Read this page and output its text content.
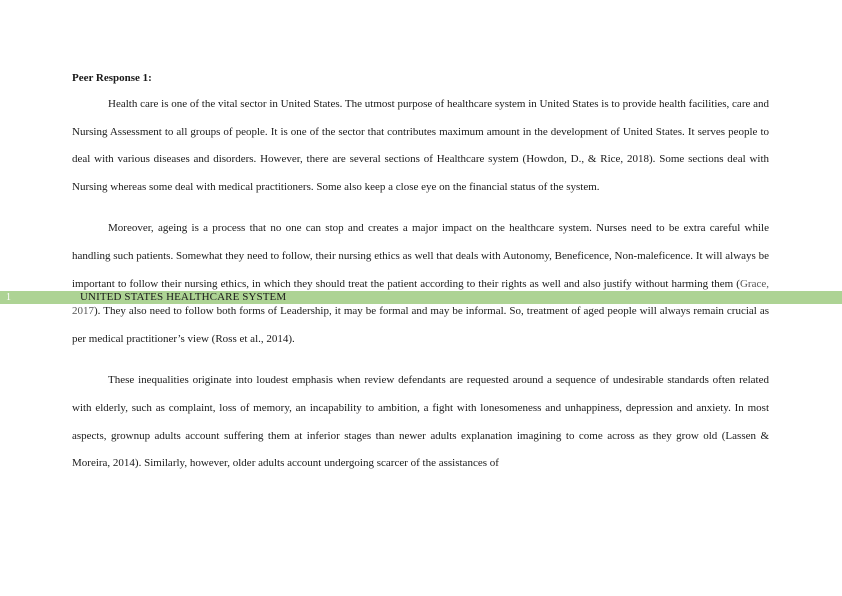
Peer Response 1:

Health care is one of the vital sector in United States. The utmost purpose of healthcare system in United States is to provide health facilities, care and Nursing Assessment to all groups of people. It is one of the sector that contributes maximum amount in the development of United States. It serves people to deal with various diseases and disorders. However, there are several sections of Healthcare system (Howdon, D., & Rice, 2018). Some sections deal with Nursing whereas some deal with medical practitioners. Some also keep a close eye on the financial status of the system.

Moreover, ageing is a process that no one can stop and creates a major impact on the healthcare system. Nurses need to be extra careful while handling such patients. Somewhat they need to follow, their nursing ethics as well that deals with Autonomy, Beneficence, Non-maleficence. It will always be important to follow their nursing ethics, in which they should treat the patient according to their rights as well and also justify without harming them (Grace, 2017). They also need to follow both forms of Leadership, it may be formal and may be informal. So, treatment of aged people will always remain crucial as per medical practitioner’s view (Ross et al., 2014).

These inequalities originate into loudest emphasis when review defendants are requested around a sequence of undesirable standards often related with elderly, such as complaint, loss of memory, an incapability to ambition, a fight with lonesomeness and unhappiness, depression and anxiety. In most aspects, grownup adults account suffering them at inferior stages than newer adults explanation imagining to come across as they grow old (Lassen & Moreira, 2014). Similarly, however, older adults account undergoing scarcer of the assistances of

1	UNITED STATES HEALTHCARE SYSTEM
